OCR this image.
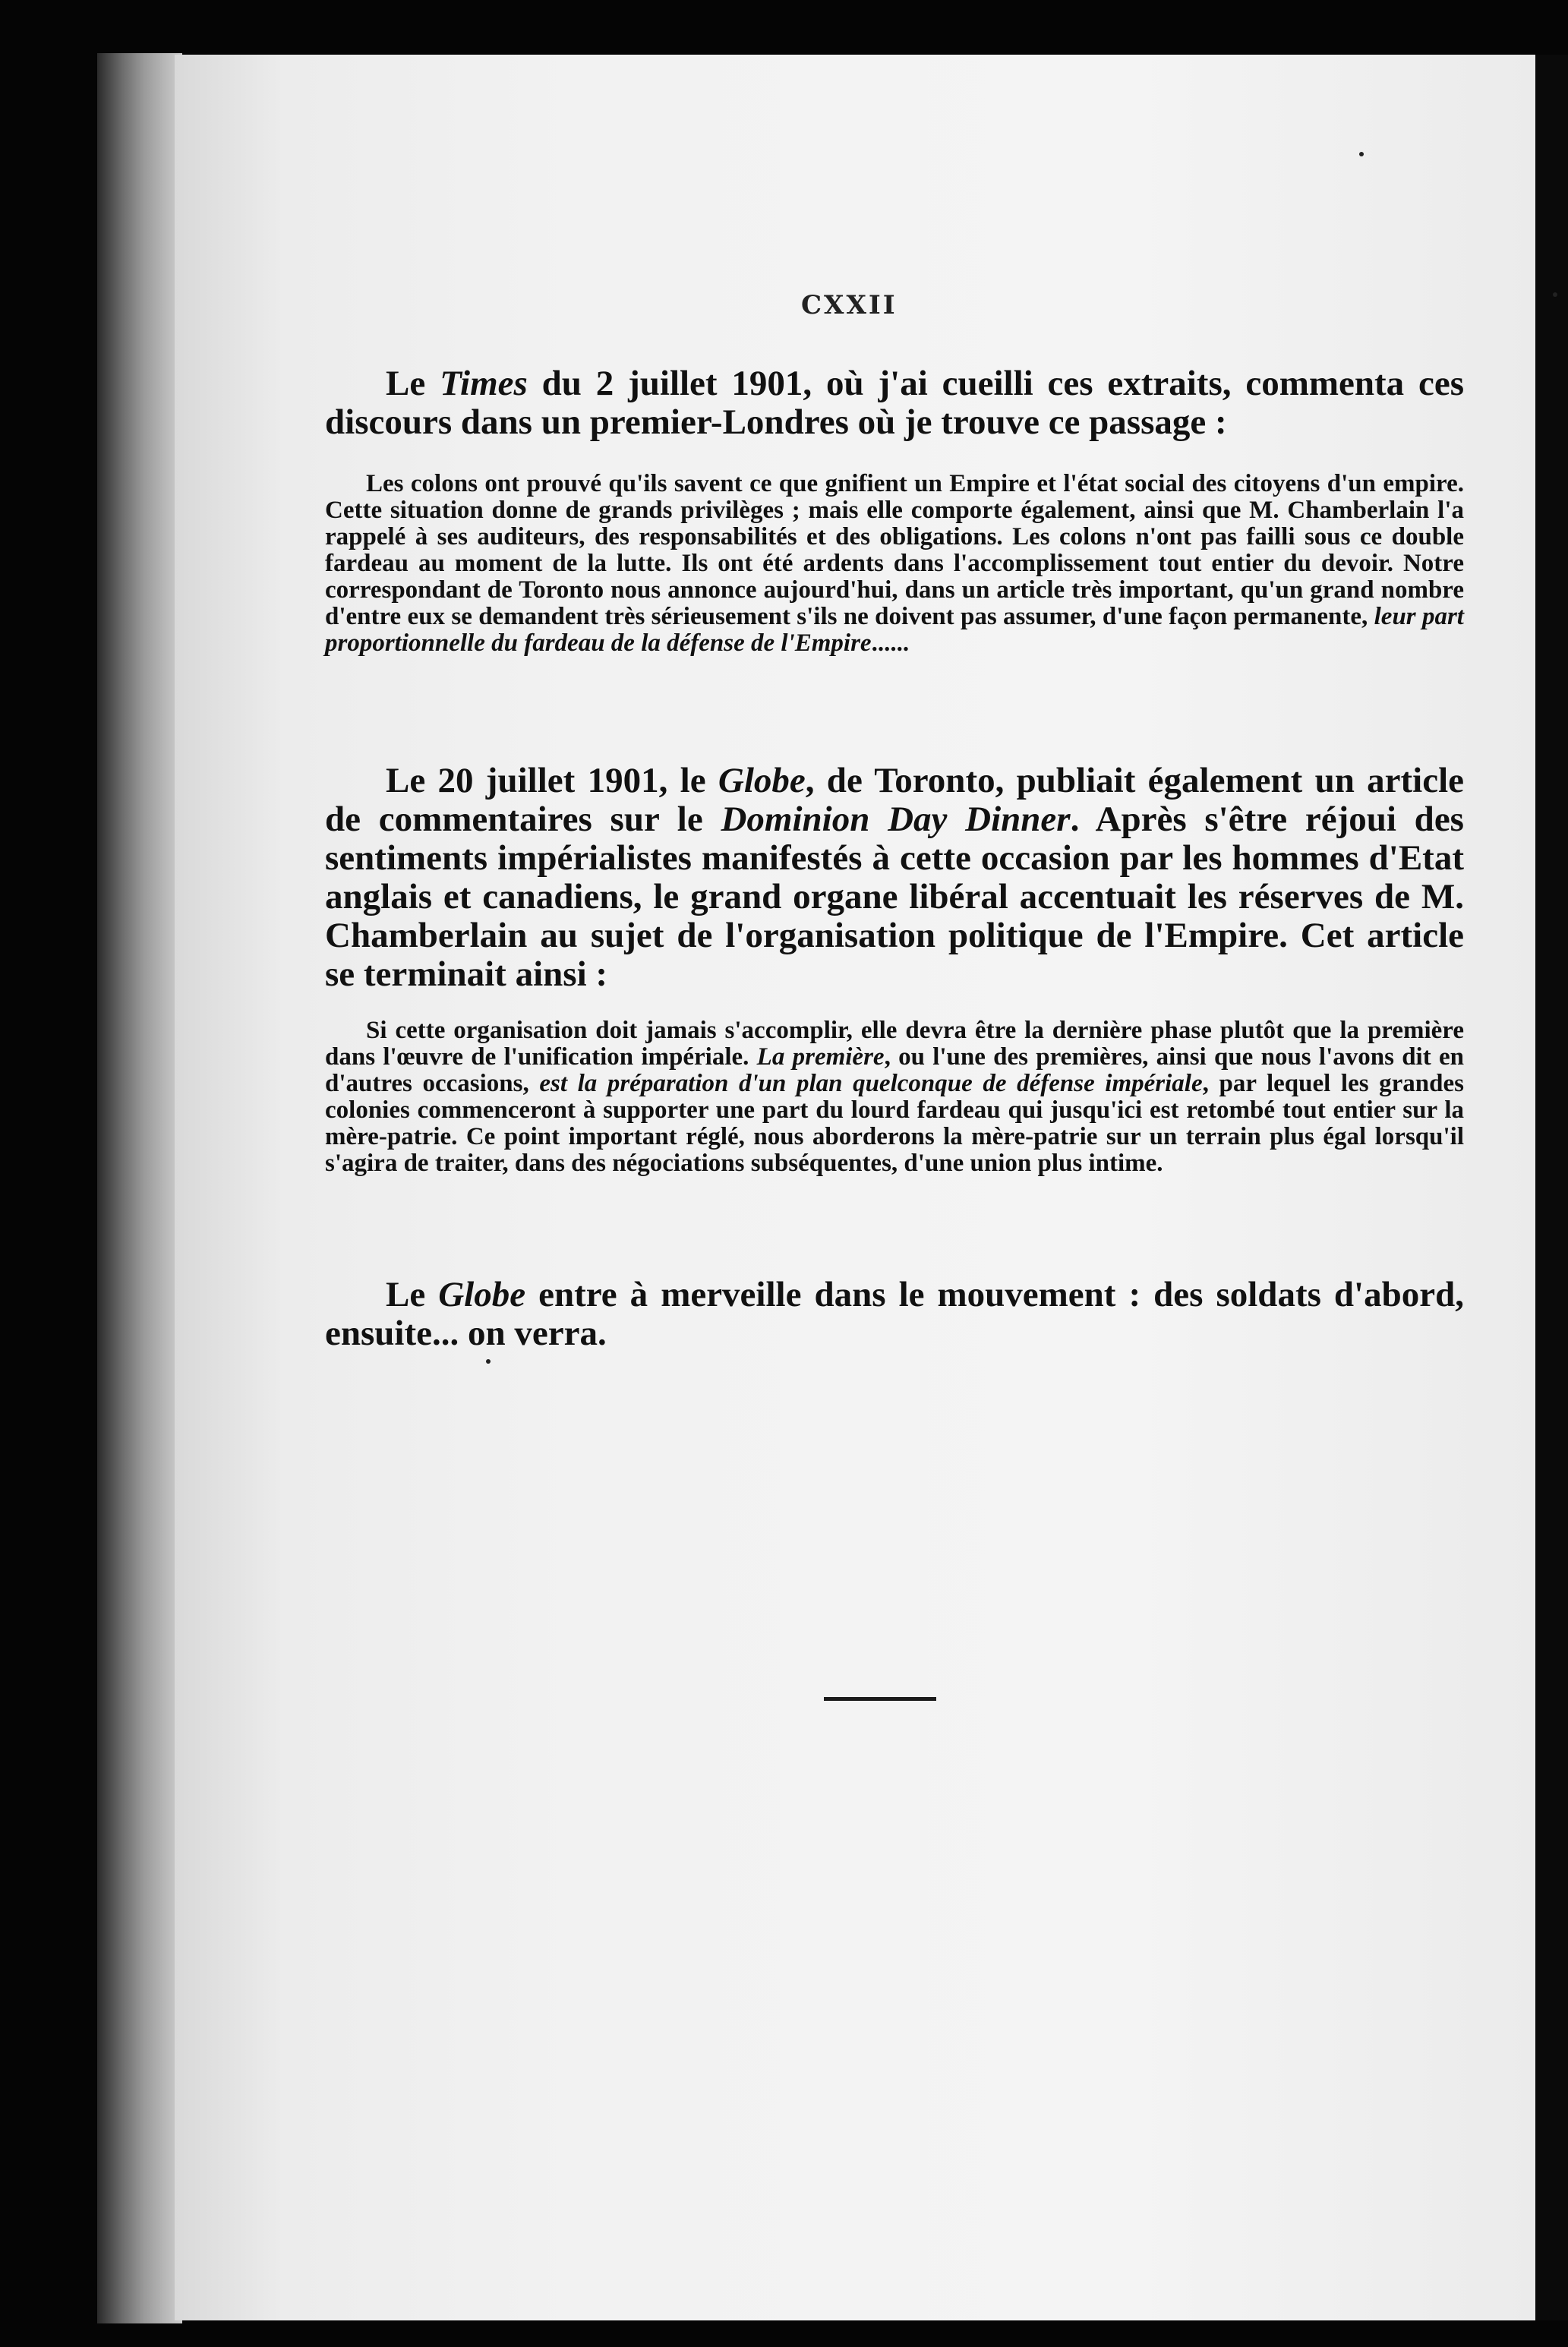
CXXII

Le Times du 2 juillet 1901, où j'ai cueilli ces extraits, commenta ces discours dans un premier-Londres où je trouve ce passage :

Les colons ont prouvé qu'ils savent ce que gnifient un Empire et l'état social des citoyens d'un empire. Cette situation donne de grands privilèges ; mais elle comporte également, ainsi que M. Chamberlain l'a rappelé à ses auditeurs, des responsabilités et des obligations. Les colons n'ont pas failli sous ce double fardeau au moment de la lutte. Ils ont été ardents dans l'accomplissement tout entier du devoir. Notre correspondant de Toronto nous annonce aujourd'hui, dans un article très important, qu'un grand nombre d'entre eux se demandent très sérieusement s'ils ne doivent pas assumer, d'une façon permanente, leur part proportionnelle du fardeau de la défense de l'Empire......

Le 20 juillet 1901, le Globe, de Toronto, publiait également un article de commentaires sur le Dominion Day Dinner. Après s'être réjoui des sentiments impérialistes manifestés à cette occasion par les hommes d'Etat anglais et canadiens, le grand organe libéral accentuait les réserves de M. Chamberlain au sujet de l'organisation politique de l'Empire. Cet article se terminait ainsi :

Si cette organisation doit jamais s'accomplir, elle devra être la dernière phase plutôt que la première dans l'œuvre de l'unification impériale. La première, ou l'une des premières, ainsi que nous l'avons dit en d'autres occasions, est la préparation d'un plan quelconque de défense impériale, par lequel les grandes colonies commenceront à supporter une part du lourd fardeau qui jusqu'ici est retombé tout entier sur la mère-patrie. Ce point important réglé, nous aborderons la mère-patrie sur un terrain plus égal lorsqu'il s'agira de traiter, dans des négociations subséquentes, d'une union plus intime.

Le Globe entre à merveille dans le mouvement : des soldats d'abord, ensuite... on verra.
